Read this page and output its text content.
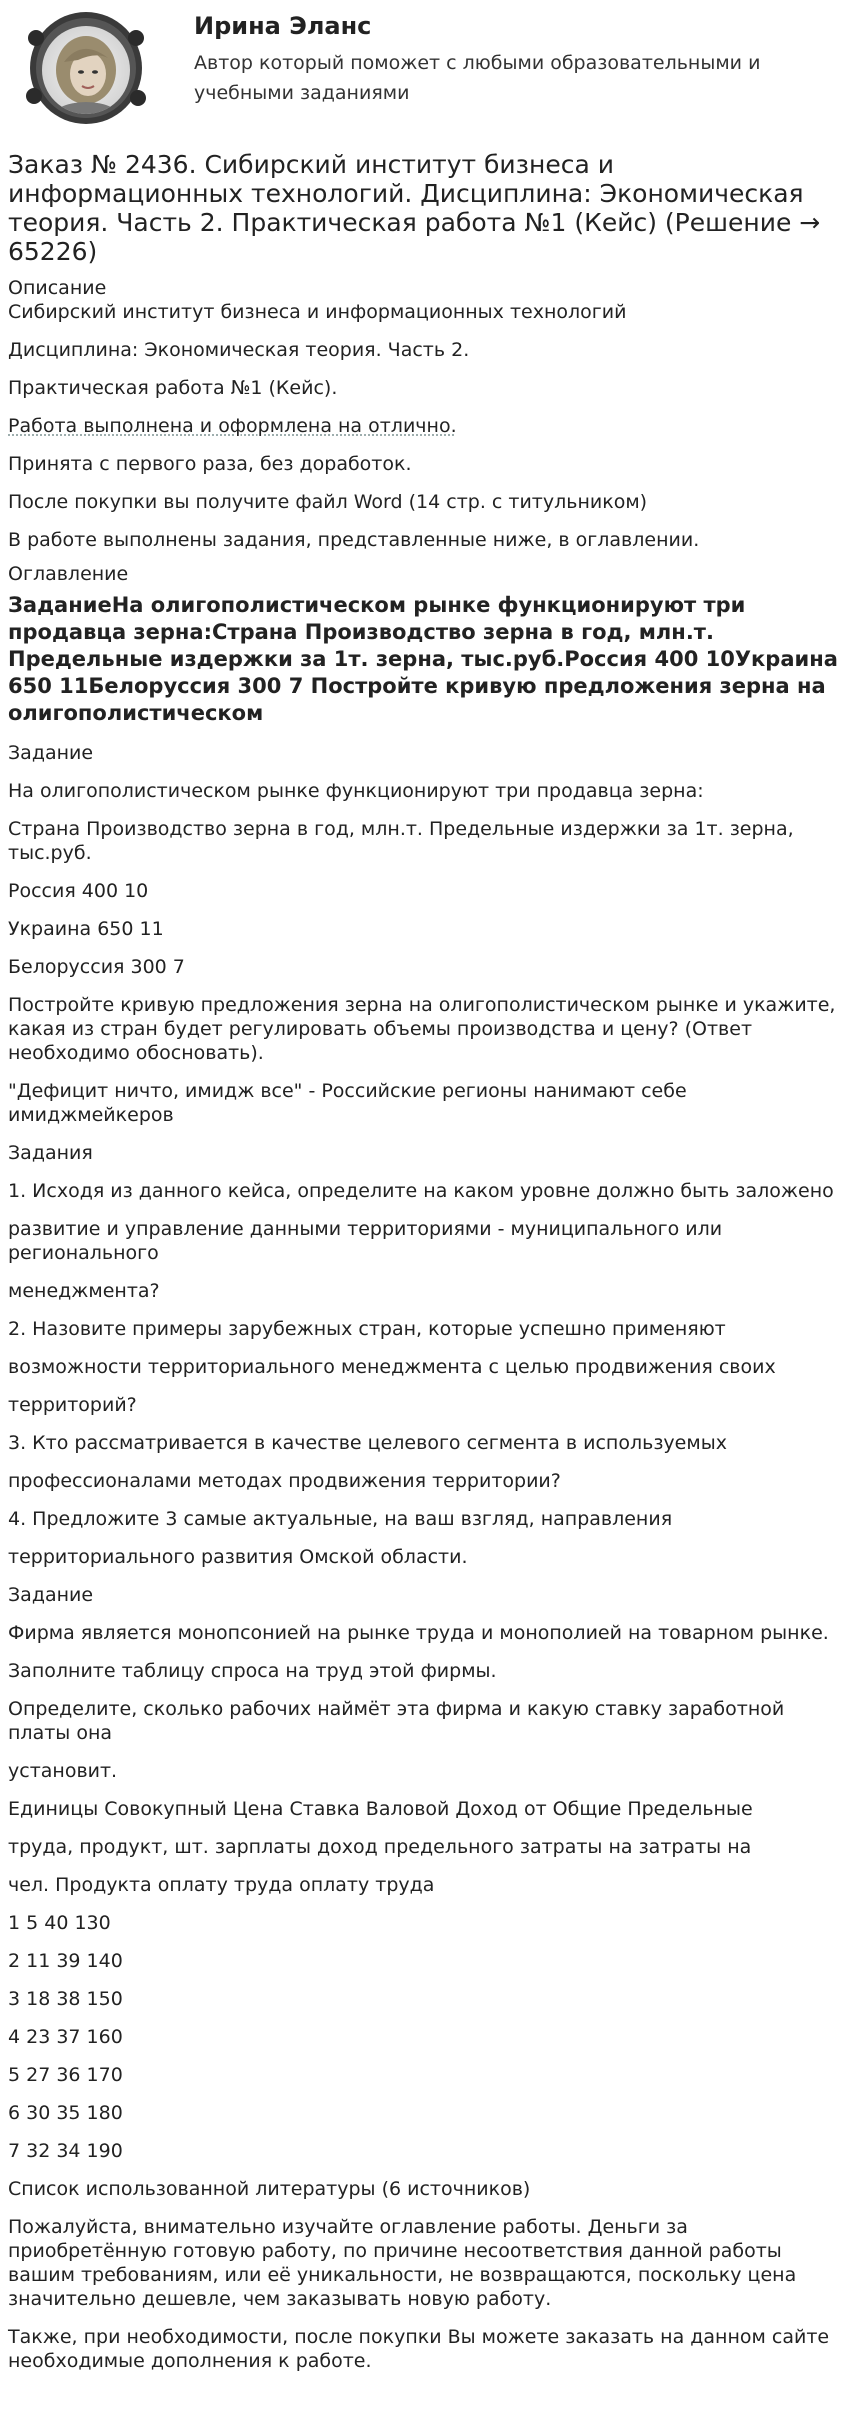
Ирина Эланс
Автор который поможет с любыми образовательными и учебными заданиями
Заказ № 2436. Сибирский институт бизнеса и информационных технологий. Дисциплина: Экономическая теория. Часть 2. Практическая работа №1 (Кейс) (Решение → 65226)
Описание
Сибирский институт бизнеса и информационных технологий
Дисциплина: Экономическая теория. Часть 2.
Практическая работа №1 (Кейс).
Работа выполнена и оформлена на отлично.
Принята с первого раза, без доработок.
После покупки вы получите файл Word (14 стр. с титульником)
В работе выполнены задания, представленные ниже, в оглавлении.
Оглавление
ЗаданиеНа олигополистическом рынке функционируют три продавца зерна:Страна Производство зерна в год, млн.т. Предельные издержки за 1т. зерна, тыс.руб.Россия 400 10Украина 650 11Белоруссия 300 7 Постройте кривую предложения зерна на олигополистическом
Задание
На олигополистическом рынке функционируют три продавца зерна:
Страна Производство зерна в год, млн.т. Предельные издержки за 1т. зерна, тыс.руб.
Россия 400 10
Украина 650 11
Белоруссия 300 7
Постройте кривую предложения зерна на олигополистическом рынке и укажите, какая из стран будет регулировать объемы производства и цену? (Ответ необходимо обосновать).
"Дефицит ничто, имидж все" - Российские регионы нанимают себе имиджмейкеров
Задания
1. Исходя из данного кейса, определите на каком уровне должно быть заложено
развитие и управление данными территориями - муниципального или регионального
менеджмента?
2. Назовите примеры зарубежных стран, которые успешно применяют
возможности территориального менеджмента с целью продвижения своих
территорий?
3. Кто рассматривается в качестве целевого сегмента в используемых
профессионалами методах продвижения территории?
4. Предложите 3 самые актуальные, на ваш взгляд, направления
территориального развития Омской области.
Задание
Фирма является монопсонией на рынке труда и монополией на товарном рынке.
Заполните таблицу спроса на труд этой фирмы.
Определите, сколько рабочих наймёт эта фирма и какую ставку заработной платы она
установит.
Единицы Совокупный Цена Ставка Валовой Доход от Общие Предельные
труда, продукт, шт. зарплаты доход предельного затраты на затраты на
чел. Продукта оплату труда оплату труда
1 5 40 130
2 11 39 140
3 18 38 150
4 23 37 160
5 27 36 170
6 30 35 180
7 32 34 190
Список использованной литературы (6 источников)
Пожалуйста, внимательно изучайте оглавление работы. Деньги за приобретённую готовую работу, по причине несоответствия данной работы вашим требованиям, или её уникальности, не возвращаются, поскольку цена значительно дешевле, чем заказывать новую работу.
Также, при необходимости, после покупки Вы можете заказать на данном сайте необходимые дополнения к работе.
